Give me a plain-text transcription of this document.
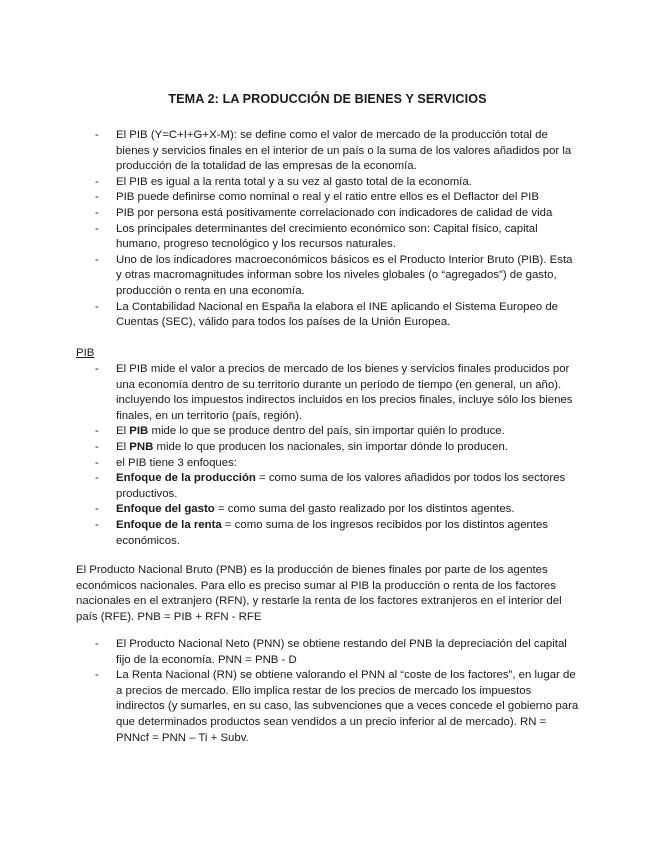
TEMA 2: LA PRODUCCIÓN DE BIENES Y SERVICIOS
- El PIB (Y=C+I+G+X-M): se define como el valor de mercado de la producción total de bienes y servicios finales en el interior de un país o la suma de los valores añadidos por la producción de la totalidad de las empresas de la economía.
- El PIB es igual a la renta total y a su vez al gasto total de la economía.
- PIB puede definirse como nominal o real y el ratio entre ellos es el Deflactor del PIB
- PIB por persona está positivamente correlacionado con indicadores de calidad de vida
- Los principales determinantes del crecimiento económico son: Capital físico, capital humano, progreso tecnológico y los recursos naturales.
- Uno de los indicadores macroeconómicos básicos es el Producto Interior Bruto (PIB). Esta y otras macromagnitudes informan sobre los niveles globales (o “agregados”) de gasto, producción o renta en una economía.
- La Contabilidad Nacional en España la elabora el INE aplicando el Sistema Europeo de Cuentas (SEC), válido para todos los países de la Unión Europea.
PIB
- El PIB mide el valor a precios de mercado de los bienes y servicios finales producidos por una economía dentro de su territorio durante un período de tiempo (en general, un año). incluyendo los impuestos indirectos incluidos en los precios finales, incluye sólo los bienes finales, en un territorio (país, región).
- El PIB mide lo que se produce dentro del país, sin importar quién lo produce.
- El PNB mide lo que producen los nacionales, sin importar dónde lo producen.
- el PIB tiene 3 enfoques:
- Enfoque de la producción = como suma de los valores añadidos por todos los sectores productivos.
- Enfoque del gasto = como suma del gasto realizado por los distintos agentes.
- Enfoque de la renta = como suma de los ingresos recibidos por los distintos agentes económicos.
El Producto Nacional Bruto (PNB) es la producción de bienes finales por parte de los agentes económicos nacionales. Para ello es preciso sumar al PIB la producción o renta de los factores nacionales en el extranjero (RFN), y restarle la renta de los factores extranjeros en el interior del país (RFE). PNB = PIB + RFN - RFE
- El Producto Nacional Neto (PNN) se obtiene restando del PNB la depreciación del capital fijo de la economía. PNN = PNB - D
- La Renta Nacional (RN) se obtiene valorando el PNN al “coste de los factores”, en lugar de a precios de mercado. Ello implica restar de los precios de mercado los impuestos indirectos (y sumarles, en su caso, las subvenciones que a veces concede el gobierno para que determinados productos sean vendidos a un precio inferior al de mercado). RN = PNNcf = PNN – Ti + Subv.
